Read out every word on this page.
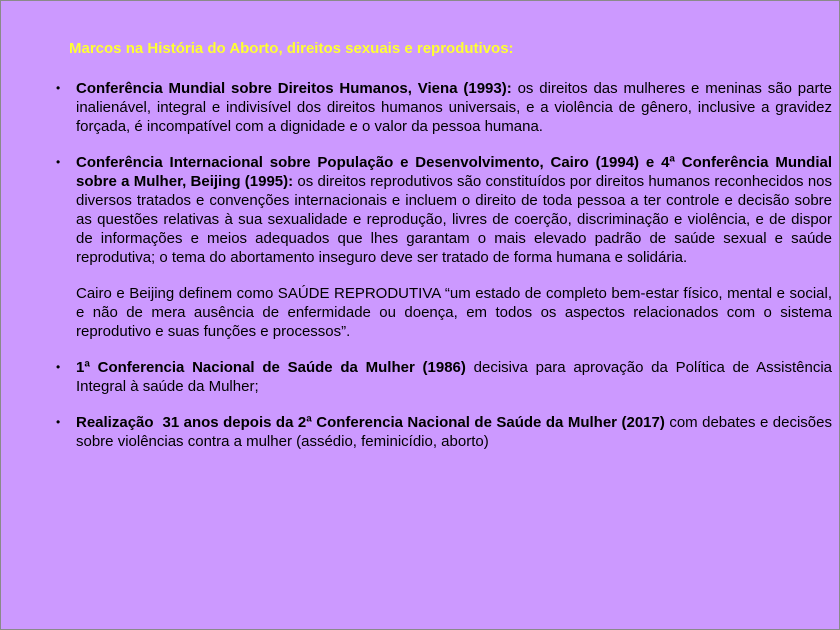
Marcos na História do Aborto, direitos sexuais e reprodutivos:
• Conferência Mundial sobre Direitos Humanos, Viena (1993): os direitos das mulheres e meninas são parte inalienável, integral e indivisível dos direitos humanos universais, e a violência de gênero, inclusive a gravidez forçada, é incompatível com a dignidade e o valor da pessoa humana.

• Conferência Internacional sobre População e Desenvolvimento, Cairo (1994) e 4ª Conferência Mundial sobre a Mulher, Beijing (1995): os direitos reprodutivos são constituídos por direitos humanos reconhecidos nos diversos tratados e convenções internacionais e incluem o direito de toda pessoa a ter controle e decisão sobre as questões relativas à sua sexualidade e reprodução, livres de coerção, discriminação e violência, e de dispor de informações e meios adequados que lhes garantam o mais elevado padrão de saúde sexual e saúde reprodutiva; o tema do abortamento inseguro deve ser tratado de forma humana e solidária.

Cairo e Beijing definem como SAÚDE REPRODUTIVA “um estado de completo bem-estar físico, mental e social, e não de mera ausência de enfermidade ou doença, em todos os aspectos relacionados com o sistema reprodutivo e suas funções e processos”.

• 1ª Conferencia Nacional de Saúde da Mulher (1986) decisiva para aprovação da Política de Assistência Integral à saúde da Mulher;

• Realização  31 anos depois da 2ª Conferencia Nacional de Saúde da Mulher (2017) com debates e decisões sobre violências contra a mulher (assédio, feminicídio, aborto)
